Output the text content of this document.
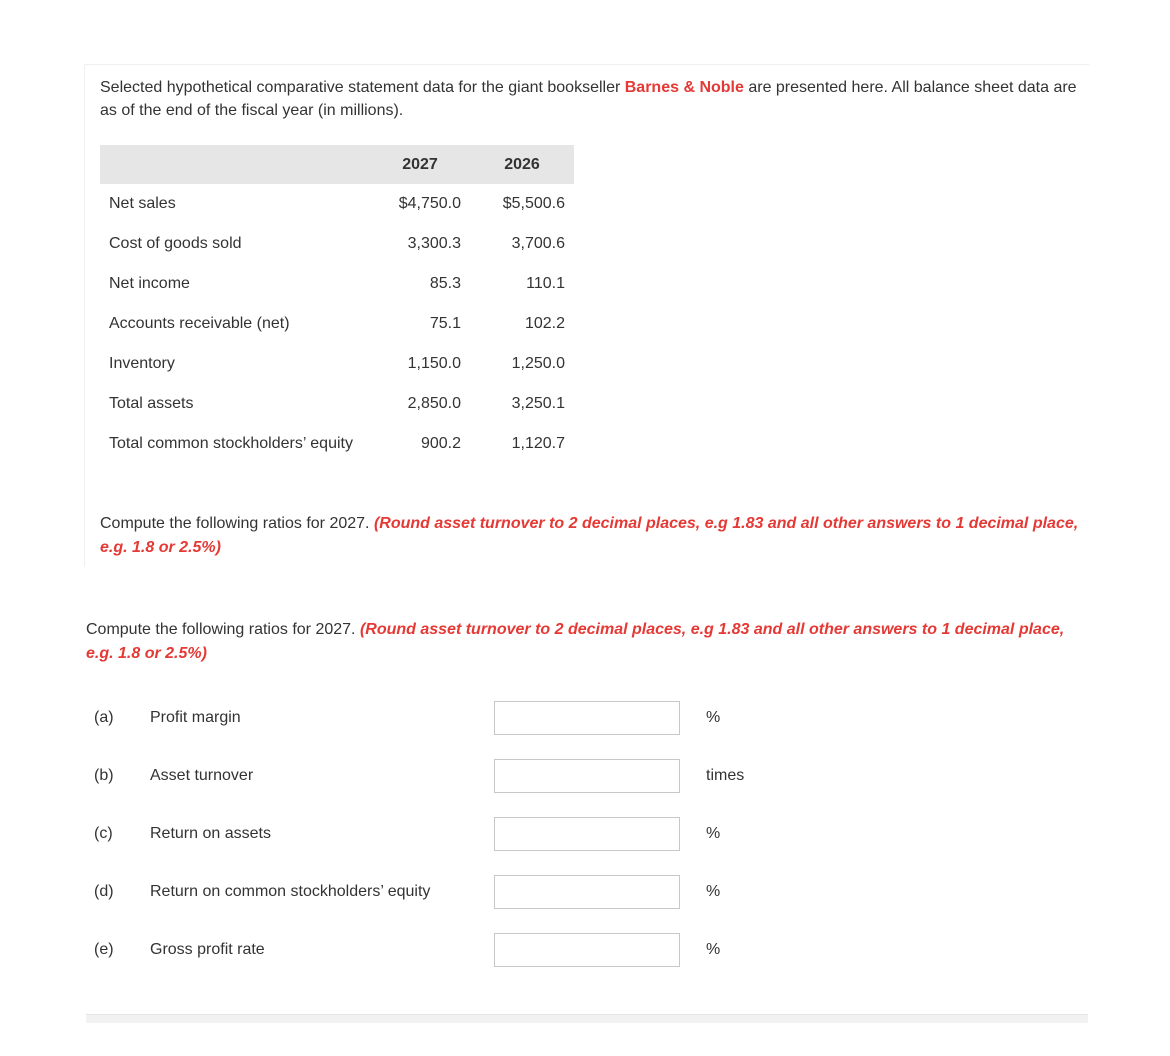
Selected hypothetical comparative statement data for the giant bookseller Barnes & Noble are presented here. All balance sheet data are as of the end of the fiscal year (in millions).
	2027	2026
Net sales	$4,750.0	$5,500.6
Cost of goods sold	3,300.3	3,700.6
Net income	85.3	110.1
Accounts receivable (net)	75.1	102.2
Inventory	1,150.0	1,250.0
Total assets	2,850.0	3,250.1
Total common stockholders’ equity	900.2	1,120.7
Compute the following ratios for 2027. (Round asset turnover to 2 decimal places, e.g 1.83 and all other answers to 1 decimal place, e.g. 1.8 or 2.5%)
Compute the following ratios for 2027. (Round asset turnover to 2 decimal places, e.g 1.83 and all other answers to 1 decimal place, e.g. 1.8 or 2.5%)
(a) Profit margin	%
(b) Asset turnover	times
(c) Return on assets	%
(d) Return on common stockholders’ equity	%
(e) Gross profit rate	%
